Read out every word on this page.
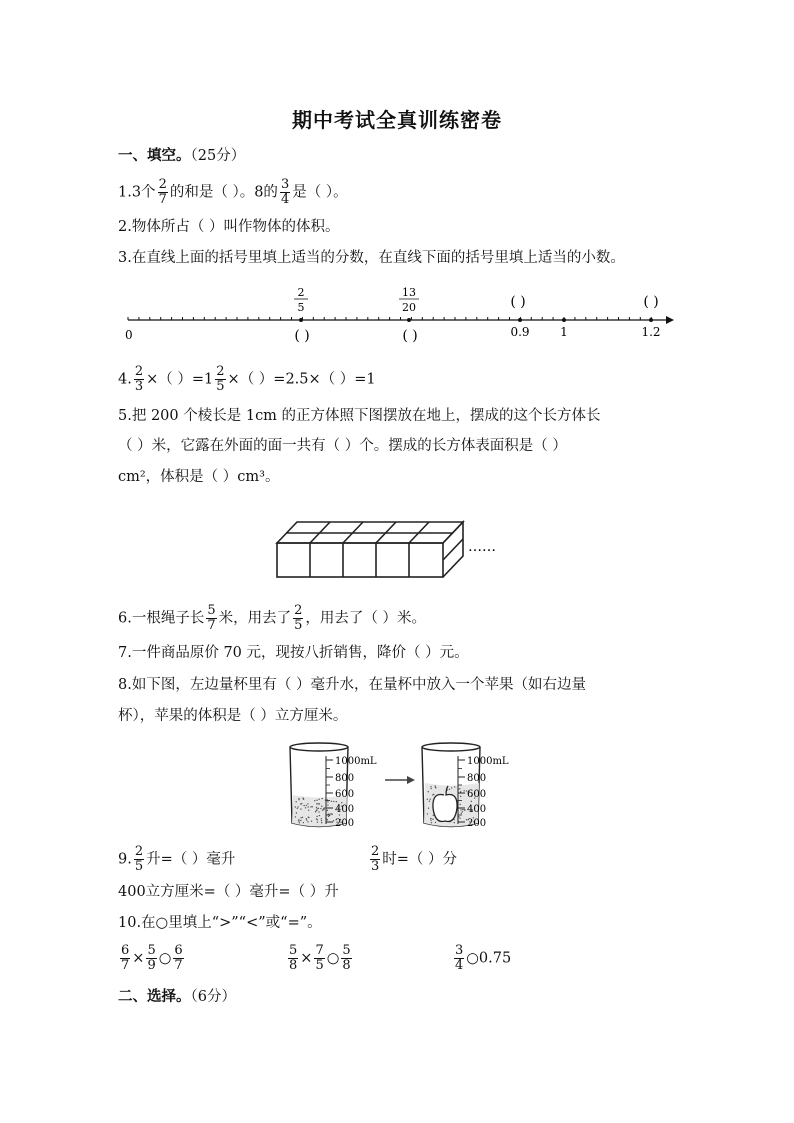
期中考试全真训练密卷
一、填空。（25分）
1.3个 $\frac{2}{7}$ 的和是（ ）。8的 $\frac{3}{4}$ 是（ ）。
2.物体所占（ ）叫作物体的体积。
3.在直线上面的括号里填上适当的分数，在直线下面的括号里填上适当的小数。
0
2
5
13
20	( )	( )
( )	( )	0.9	1	1.2
4. $\frac{2}{3}$ ×（ ）$=1 \frac{2}{5}$ ×（ ）=2.5×（ ）=1
5.把 200 个棱长是 1cm 的正方体照下图摆放在地上，摆成的这个长方体长
（ ）米，它露在外面的面一共有（ ）个。摆成的长方体表面积是（ ）
cm²，体积是（ ）cm³。
……
6.一根绳子长 $\frac{5}{7}$ 米，用去了 $\frac{2}{5}$ ，用去了（ ）米。
7.一件商品原价 70 元，现按八折销售，降价（ ）元。
8.如下图，左边量杯里有（ ）毫升水，在量杯中放入一个苹果（如右边量
杯），苹果的体积是（ ）立方厘米。
1000mL
800
600
400
200
1000mL
800
600
400
200
9. $\frac{2}{5}$ 升=（ ）毫升	$\frac{2}{3}$ 时=（ ）分
400立方厘米=（ ）毫升=（ ）升
10.在○里填上“>”“<”或“=”。
$\frac{6}{7} \times \frac{5}{9}$ ○ $\frac{6}{7}$	$\frac{5}{8} \times \frac{7}{5}$ ○ $\frac{5}{8}$	$\frac{3}{4}$ ○0.75
二、选择。（6分）
